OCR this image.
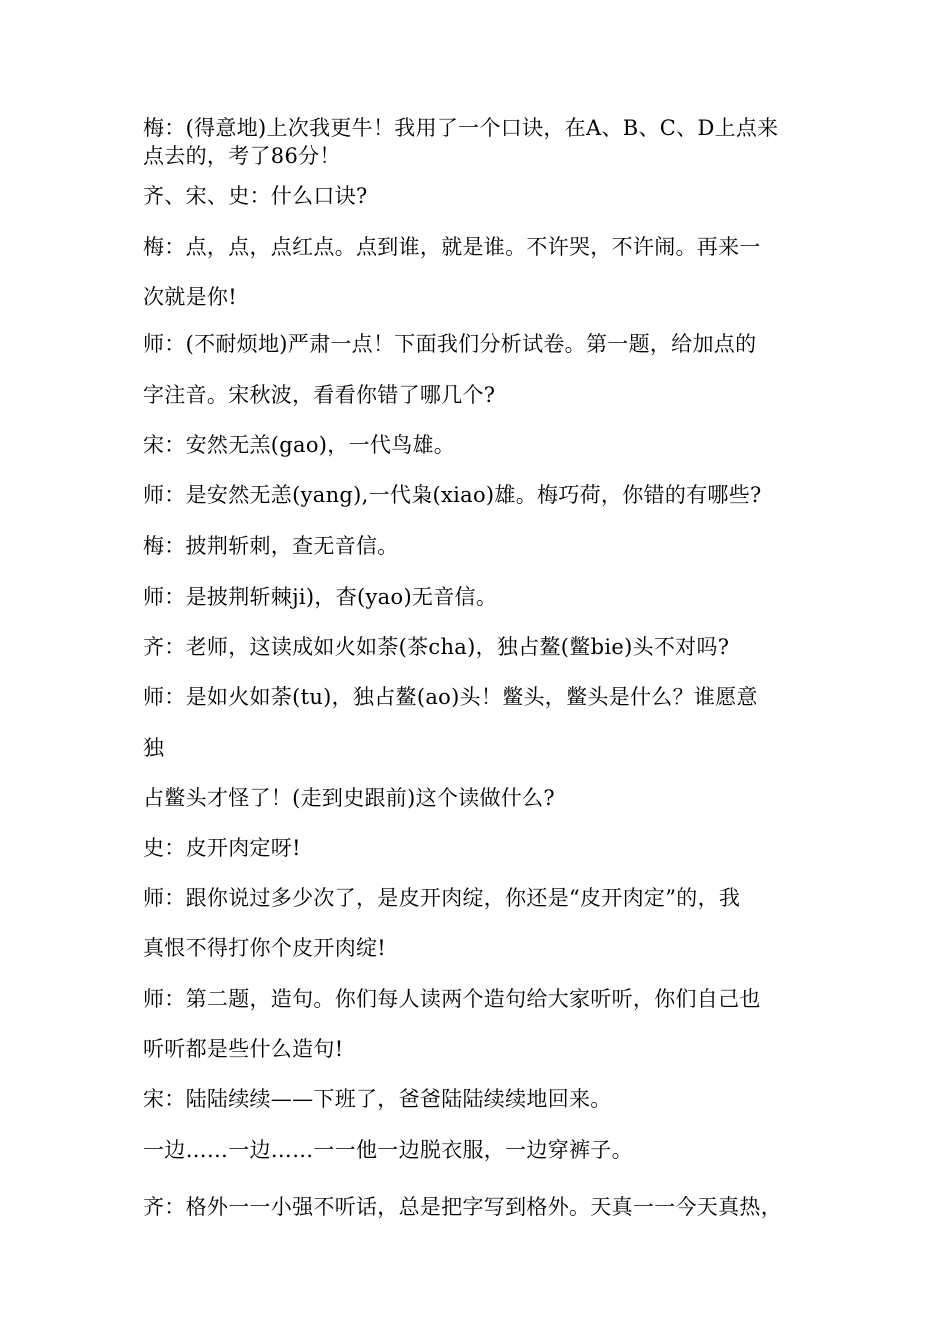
梅：(得意地)上次我更牛！我用了一个口诀，在A、B、C、D上点来
点去的，考了86分！
齐、宋、史：什么口诀?
梅：点，点，点红点。点到谁，就是谁。不许哭，不许闹。再来一
次就是你!
师：(不耐烦地)严肃一点！下面我们分析试卷。第一题，给加点的
字注音。宋秋波，看看你错了哪几个?
宋：安然无羔(gao)，一代鸟雄。
师：是安然无恙(yang),一代枭(xiao)雄。梅巧荷，你错的有哪些?
梅：披荆斩刺，查无音信。
师：是披荆斩棘ji)，杳(yao)无音信。
齐：老师，这读成如火如荼(茶cha)，独占鳌(鳖bie)头不对吗?
师：是如火如荼(tu)，独占鳌(ao)头！鳖头，鳖头是什么？谁愿意
独
占鳖头才怪了！(走到史跟前)这个读做什么?
史：皮开肉定呀!
师：跟你说过多少次了，是皮开肉绽，你还是“皮开肉定”的，我
真恨不得打你个皮开肉绽!
师：第二题，造句。你们每人读两个造句给大家听听，你们自己也
听听都是些什么造句!
宋：陆陆续续——下班了，爸爸陆陆续续地回来。
一边……一边……一一他一边脱衣服，一边穿裤子。
齐：格外一一小强不听话，总是把字写到格外。天真一一今天真热，
